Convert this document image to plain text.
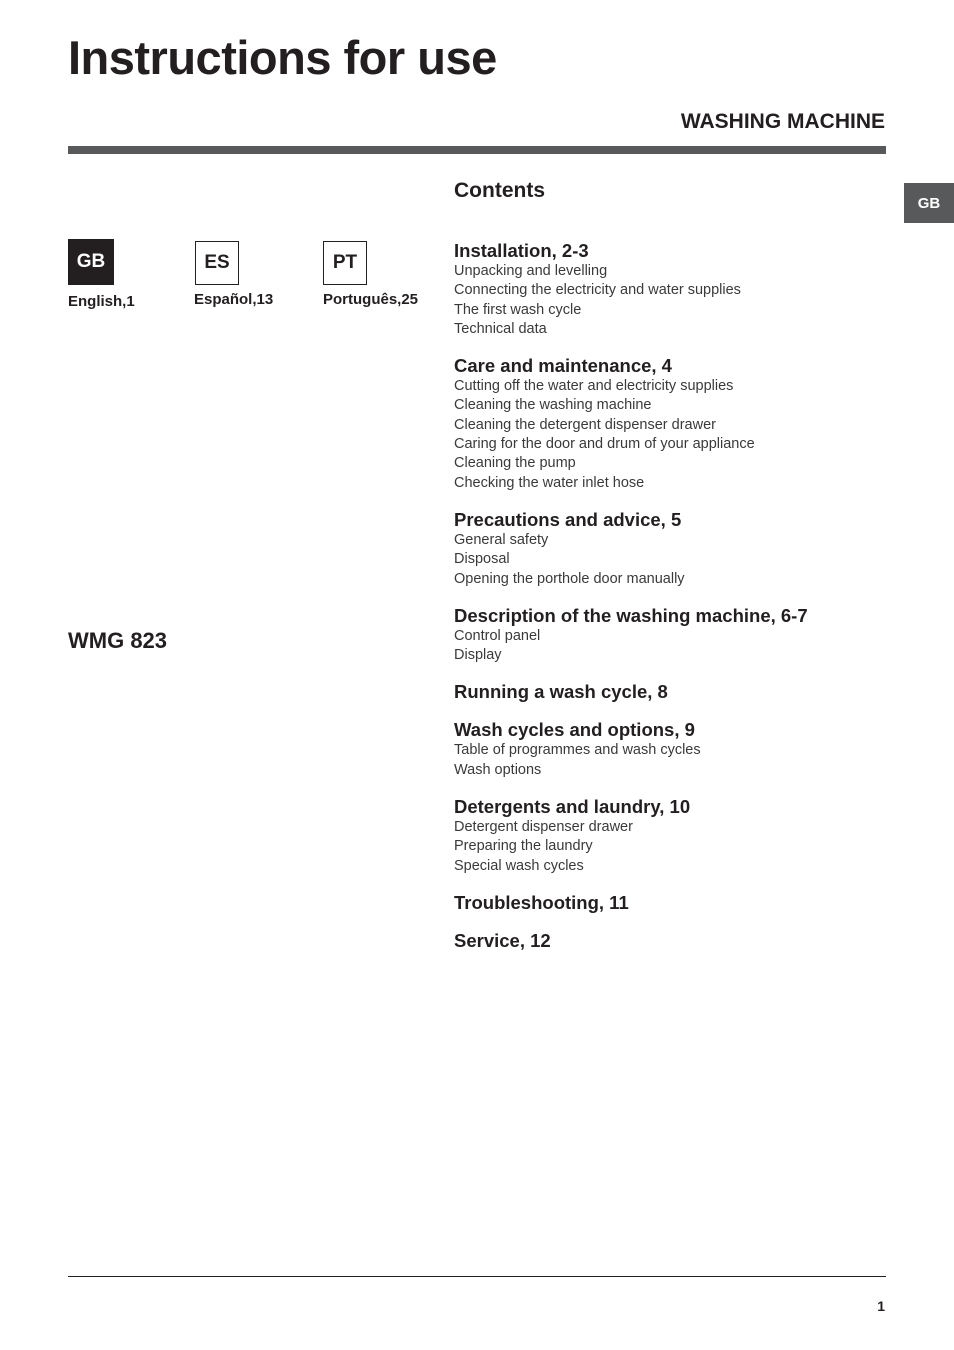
Instructions for use
WASHING MACHINE
GB
GB
English,1
ES
Español,13
PT
Português,25
WMG 823
Contents
Installation, 2-3
Unpacking and levelling
Connecting the electricity and water supplies
The first wash cycle
Technical data
Care and maintenance, 4
Cutting off the water and electricity supplies
Cleaning the washing machine
Cleaning the detergent dispenser drawer
Caring for the door and drum of your appliance
Cleaning the pump
Checking the water inlet hose
Precautions and advice, 5
General safety
Disposal
Opening the porthole door manually
Description of the washing machine, 6-7
Control panel
Display
Running a wash cycle, 8
Wash cycles and options, 9
Table of programmes and wash cycles
Wash options
Detergents and laundry, 10
Detergent dispenser drawer
Preparing the laundry
Special wash cycles
Troubleshooting, 11
Service, 12
1
